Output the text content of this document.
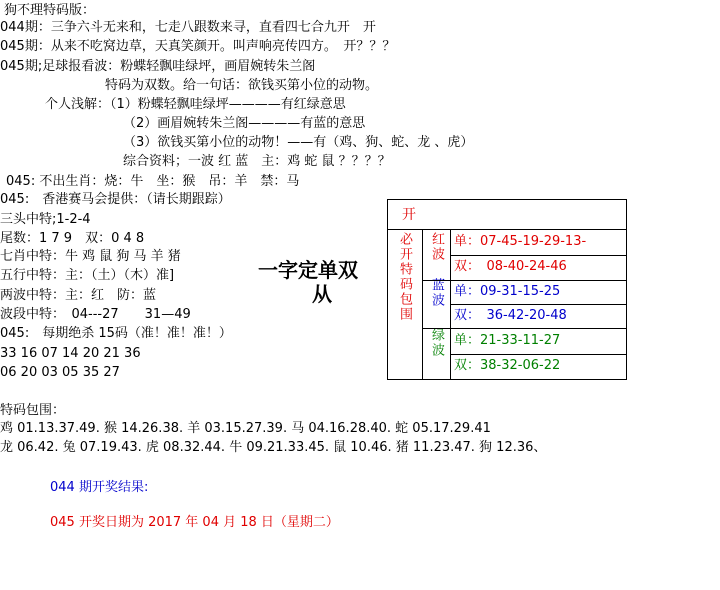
狗不理特码版：
044期：三争六斗无来和，七走八跟数来寻，直看四七合九开　开
045期：从来不吃窝边草，天真笑颜开。叫声响亮传四方。　开？？？
045期;足球报看波：粉蝶轻飘哇绿坪，画眉婉转朱兰阁
特码为双数。给一句话：欲钱买第小位的动物。
个人浅解：（1）粉蝶轻飘哇绿坪————有红绿意思
（2）画眉婉转朱兰阁————有蓝的意思
（3）欲钱买第小位的动物！——有（鸡、狗、蛇、龙 、虎）
综合资料；一波 红 蓝　主：鸡 蛇 鼠 ？？？？
045: 不出生肖：烧：牛　坐：猴　吊：羊　禁：马
045:　香港赛马会提供：（请长期跟踪）
三头中特;1-2-4
尾数：1 7 9　双：0 4 8
七肖中特：牛 鸡 鼠 狗 马 羊 猪
五行中特：主：（土）（木）准]
两波中特：主：红　防：蓝
波段中特：　04---27　　31—49
045:　每期绝杀 15码（准！准！准！）
33 16 07 14 20 21 36
06 20 03 05 35 27
一字定单双
从
开
必开特码包围 红波
蓝波
绿波
单：07-45-19-29-13-
双：　08-40-24-46
单：09-31-15-25
双：　36-42-20-48
单：21-33-11-27
双：38-32-06-22
特码包围：
鸡 01.13.37.49. 猴 14.26.38. 羊 03.15.27.39. 马 04.16.28.40. 蛇 05.17.29.41
龙 06.42. 兔 07.19.43. 虎 08.32.44. 牛 09.21.33.45. 鼠 10.46. 猪 11.23.47. 狗 12.36、
044 期开奖结果:
045 开奖日期为 2017 年 04 月 18 日（星期二）
